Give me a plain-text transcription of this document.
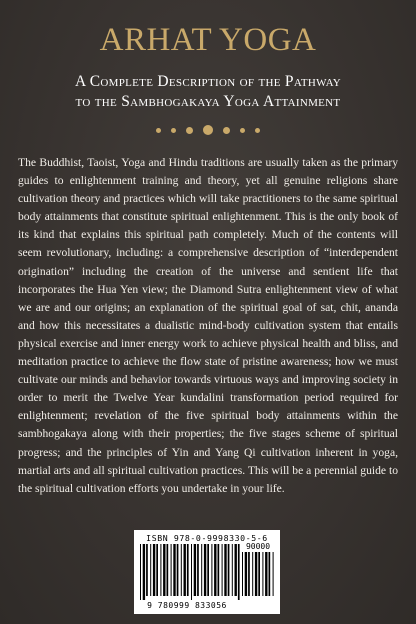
ARHAT YOGA
A Complete Description of the Pathway
to the Sambhogakaya Yoga Attainment

The Buddhist, Taoist, Yoga and Hindu traditions are usually taken as the primary guides to enlightenment training and theory, yet all genuine religions share cultivation theory and practices which will take practitioners to the same spiritual body attainments that constitute spiritual enlightenment. This is the only book of its kind that explains this spiritual path completely. Much of the contents will seem revolutionary, including: a comprehensive description of “interdependent origination” including the creation of the universe and sentient life that incorporates the Hua Yen view; the Diamond Sutra enlightenment view of what we are and our origins; an explanation of the spiritual goal of sat, chit, ananda and how this necessitates a dualistic mind-body cultivation system that entails physical exercise and inner energy work to achieve physical health and bliss, and meditation practice to achieve the flow state of pristine awareness; how we must cultivate our minds and behavior towards virtuous ways and improving society in order to merit the Twelve Year kundalini transformation period required for enlightenment; revelation of the five spiritual body attainments within the sambhogakaya along with their properties; the five stages scheme of spiritual progress; and the principles of Yin and Yang Qi cultivation inherent in yoga, martial arts and all spiritual cultivation practices. This will be a perennial guide to the spiritual cultivation efforts you undertake in your life.

ISBN 978-0-9998330-5-6
90000
9 780999 833056
